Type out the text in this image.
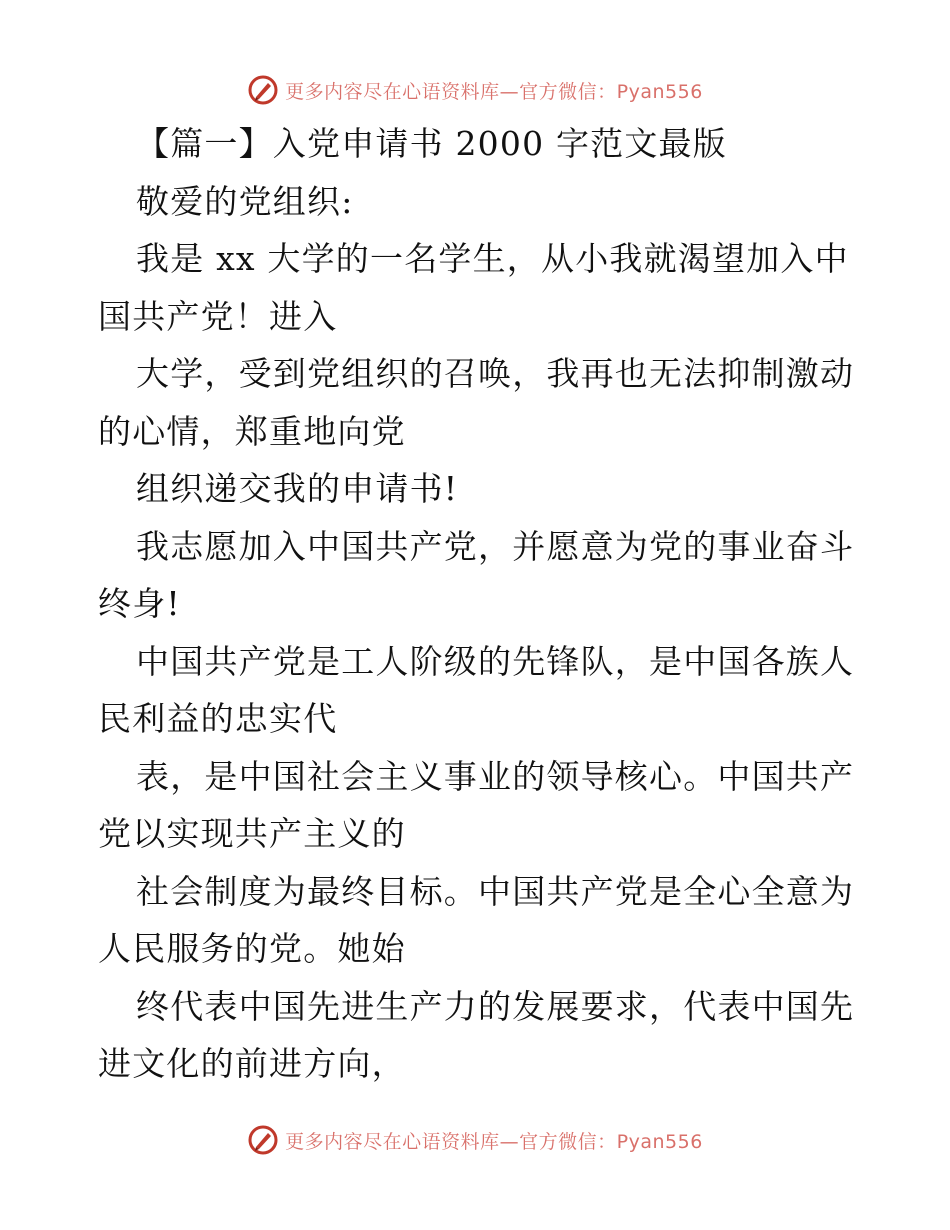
更多内容尽在心语资料库—官方微信：Pyan556
【篇一】入党申请书 2000 字范文最版
敬爱的党组织:
我是 xx 大学的一名学生，从小我就渴望加入中
国共产党！进入
大学，受到党组织的召唤，我再也无法抑制激动
的心情，郑重地向党
组织递交我的申请书!
我志愿加入中国共产党，并愿意为党的事业奋斗
终身!
中国共产党是工人阶级的先锋队，是中国各族人
民利益的忠实代
表，是中国社会主义事业的领导核心。中国共产
党以实现共产主义的
社会制度为最终目标。中国共产党是全心全意为
人民服务的党。她始
终代表中国先进生产力的发展要求，代表中国先
进文化的前进方向，
更多内容尽在心语资料库—官方微信：Pyan556
